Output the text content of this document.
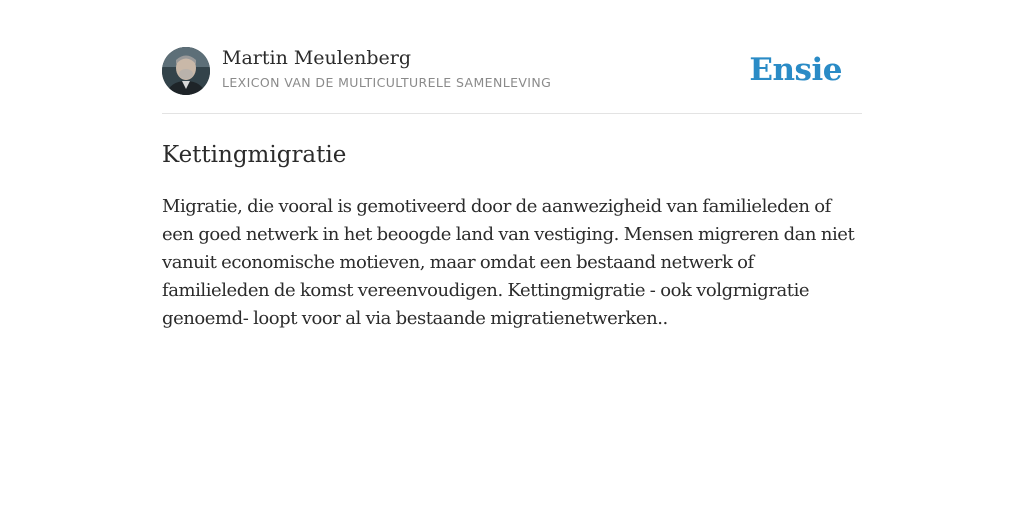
Martin Meulenberg
LEXICON VAN DE MULTICULTURELE SAMENLEVING	Ensie
Kettingmigratie

Migratie, die vooral is gemotiveerd door de aanwezigheid van familieleden of een goed netwerk in het beoogde land van vestiging. Mensen migreren dan niet vanuit economische motieven, maar omdat een bestaand netwerk of familieleden de komst vereenvoudigen. Kettingmigratie - ook volgrnigratie genoemd- loopt voor al via bestaande migratienetwerken..
